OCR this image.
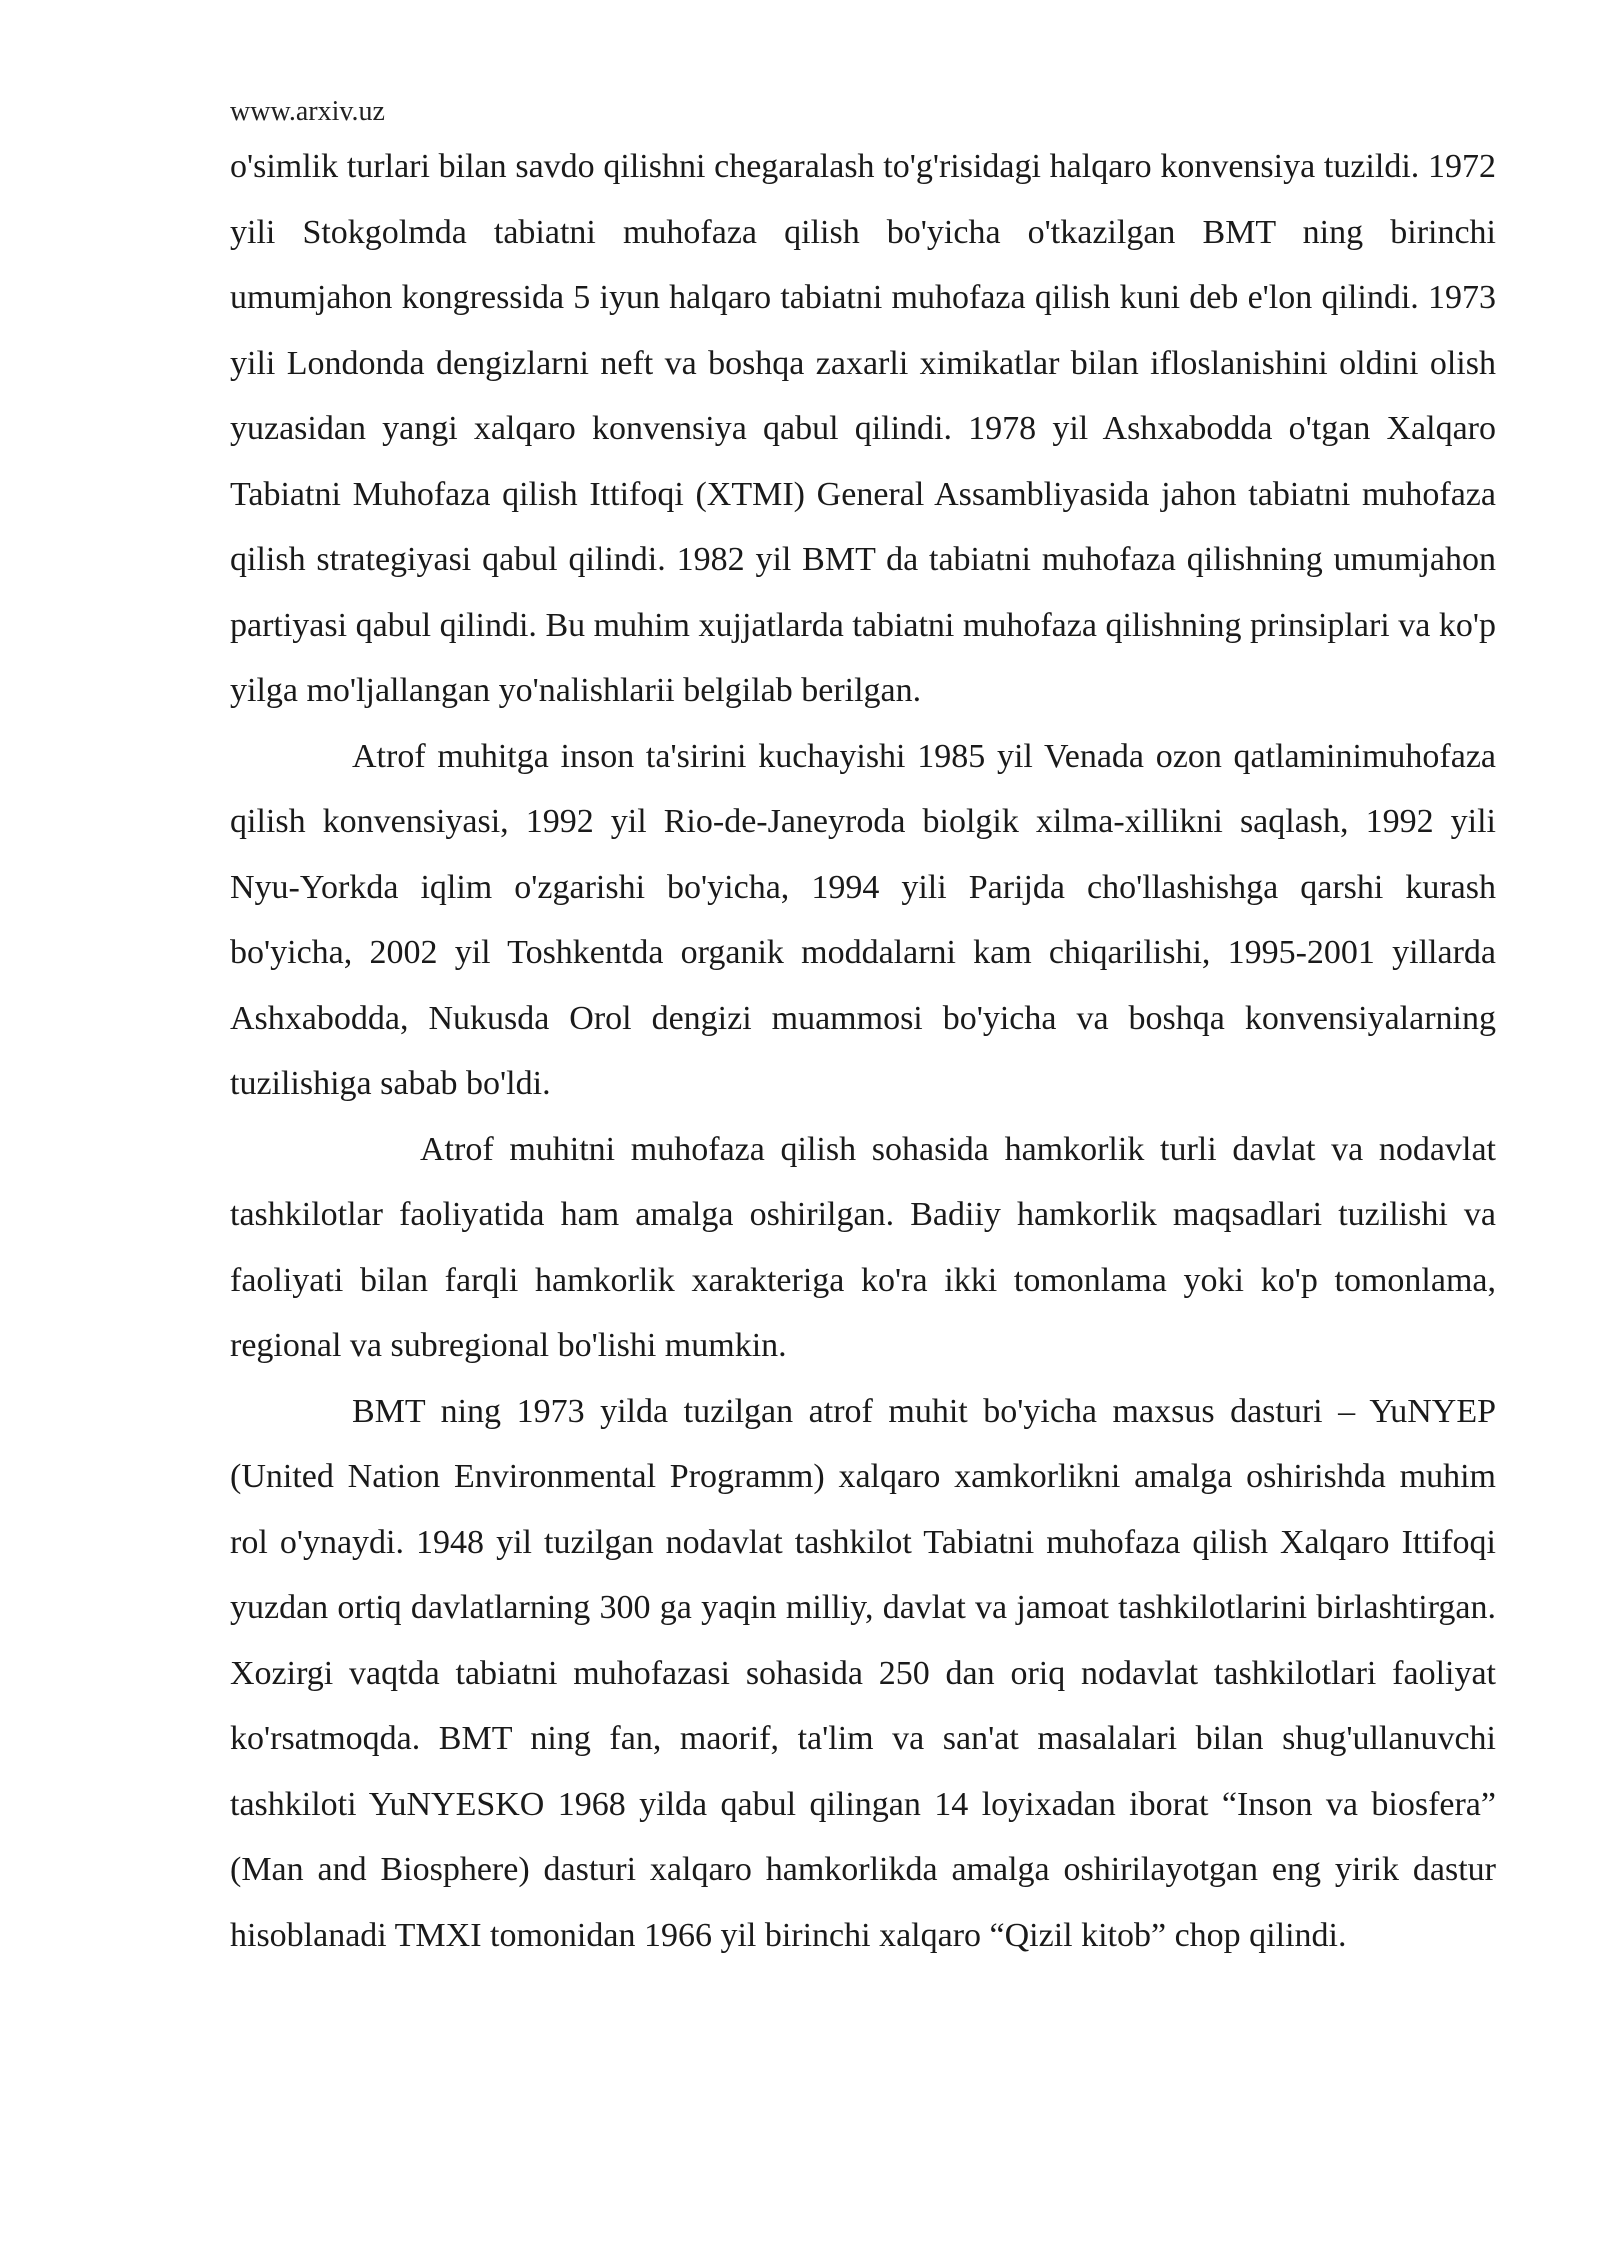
www.arxiv.uz

o'simlik turlari bilan savdo qilishni chegaralash to'g'risidagi halqaro konvensiya tuzildi. 1972 yili Stokgolmda tabiatni muhofaza qilish bo'yicha o'tkazilgan BMT ning birinchi umumjahon kongressida 5 iyun halqaro tabiatni muhofaza qilish kuni deb e'lon qilindi. 1973 yili Londonda dengizlarni neft va boshqa zaxarli ximikatlar bilan ifloslanishini oldini olish yuzasidan yangi xalqaro konvensiya qabul qilindi. 1978 yil Ashxabodda o'tgan Xalqaro Tabiatni Muhofaza qilish Ittifoqi (XTMI) General Assambliyasida jahon tabiatni muhofaza qilish strategiyasi qabul qilindi. 1982 yil BMT da tabiatni muhofaza qilishning umumjahon partiyasi qabul qilindi. Bu muhim xujjatlarda tabiatni muhofaza qilishning prinsiplari va ko'p yilga mo'ljallangan yo'nalishlarii belgilab berilgan.

Atrof muhitga inson ta'sirini kuchayishi 1985 yil Venada ozon qatlaminimuhofaza qilish konvensiyasi, 1992 yil Rio-de-Janeyroda biolgik xilma-xillikni saqlash, 1992 yili Nyu-Yorkda iqlim o'zgarishi bo'yicha, 1994 yili Parijda cho'llashishga qarshi kurash bo'yicha, 2002 yil Toshkentda organik moddalarni kam chiqarilishi, 1995-2001 yillarda Ashxabodda, Nukusda Orol dengizi muammosi bo'yicha va boshqa konvensiyalarning tuzilishiga sabab bo'ldi.

Atrof muhitni muhofaza qilish sohasida hamkorlik turli davlat va nodavlat tashkilotlar faoliyatida ham amalga oshirilgan. Badiiy hamkorlik maqsadlari tuzilishi va faoliyati bilan farqli hamkorlik xarakteriga ko'ra ikki tomonlama yoki ko'p tomonlama, regional va subregional bo'lishi mumkin.

BMT ning 1973 yilda tuzilgan atrof muhit bo'yicha maxsus dasturi – YuNYEP (United Nation Environmental Programm) xalqaro xamkorlikni amalga oshirishda muhim rol o'ynaydi. 1948 yil tuzilgan nodavlat tashkilot Tabiatni muhofaza qilish Xalqaro Ittifoqi yuzdan ortiq davlatlarning 300 ga yaqin milliy, davlat va jamoat tashkilotlarini birlashtirgan. Xozirgi vaqtda tabiatni muhofazasi sohasida 250 dan oriq nodavlat tashkilotlari faoliyat ko'rsatmoqda. BMT ning fan, maorif, ta'lim va san'at masalalari bilan shug'ullanuvchi tashkiloti YuNYESKO 1968 yilda qabul qilingan 14 loyixadan iborat “Inson va biosfera” (Man and Biosphere) dasturi xalqaro hamkorlikda amalga oshirilayotgan eng yirik dastur hisoblanadi TMXI tomonidan 1966 yil birinchi xalqaro “Qizil kitob” chop qilindi.
